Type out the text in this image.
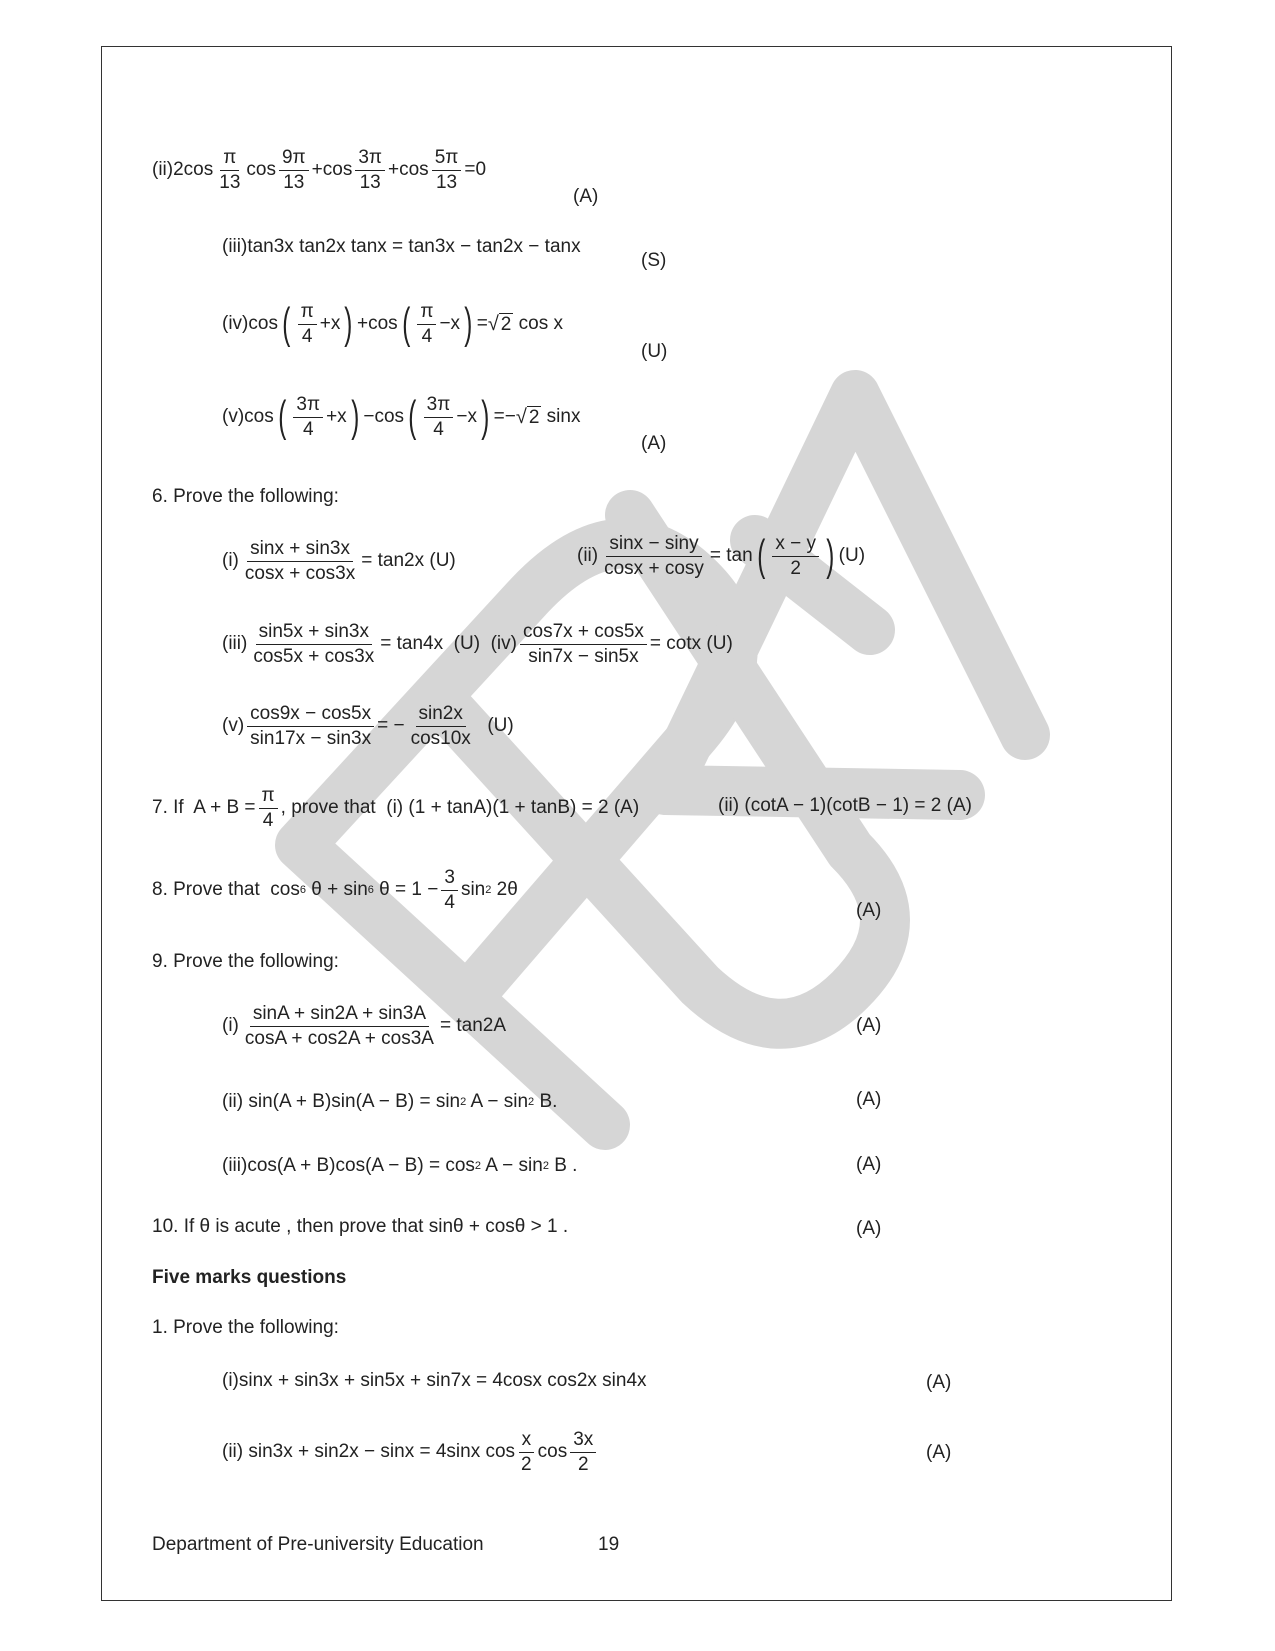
(ii) $2\cos \frac{\pi}{13}$ $\cos \frac{9\pi}{13} +\cos \frac{3\pi}{13} +\cos \frac{5\pi}{13} =0$
(A)
(iii) tan3x tan2x tanx = tan3x − tan2x − tanx
(S)
(iv) cos ( $\frac{\pi}{4} +x$ ) +cos ( $\frac{\pi}{4} -x$ ) = √ 2
cos x
(U)
(v) cos ( $\frac{3\pi}{4} +x$ ) −cos ( $\frac{3\pi}{4} -x$ ) =− √ 2
sinx
(A)
6. Prove the following:
$(i) \frac{\sin x + \sin 3x}{\cos x + \cos 3x} = \tan 2x$ (U)	$(ii) \frac{\sin x - \sin y}{\cos x + \cos y} = \tan$ ( $\frac{x - y}{2}$ ) (U)
$(iii) \frac{\sin 5x + \sin 3x}{\cos 5x + \cos 3x} = \tan 4x$  (U)
$(iv) \frac{\cos 7x + \cos 5x}{\sin 7x - \sin 5x} = \cot x$ (U)
$(v) \frac{\cos 9x - \cos 5x}{\sin 17x - \sin 3x}$ = − $\frac{\sin 2x}{\cos 10x}$
(U)
7. If  $A + B = \frac{\pi}{4}$ , prove that  (i) (1 + tanA)(1 + tanB) = 2 (A)	(ii) (cotA − 1)(cotB − 1) = 2 (A)
8. Prove that  cos 6 θ + sin 6 $\theta = 1 - \frac{3}{4}$ sin 2 2θ
(A)
9. Prove the following:
$(i) \frac{\sin A + \sin 2A + \sin 3A}{\cos A + \cos 2A + \cos 3A} = \tan 2A$	(A)
(ii) sin(A + B)sin(A − B) = sin 2 A − sin 2 B.	(A)
(iii) cos(A + B)cos(A − B) = cos 2 A − sin 2 B .	(A)
10. If θ is acute , then prove that sinθ + cosθ > 1 .	(A)
Five marks questions
1. Prove the following:
(i) sinx + sin3x + sin5x + sin7x = 4cosx cos2x sin4x	(A)
(ii) sin3x + sin2x − sinx = 4sinx $\cos \frac{x}{2}$ $\cos \frac{3x}{2}$	(A)
Department of Pre-university Education	19
